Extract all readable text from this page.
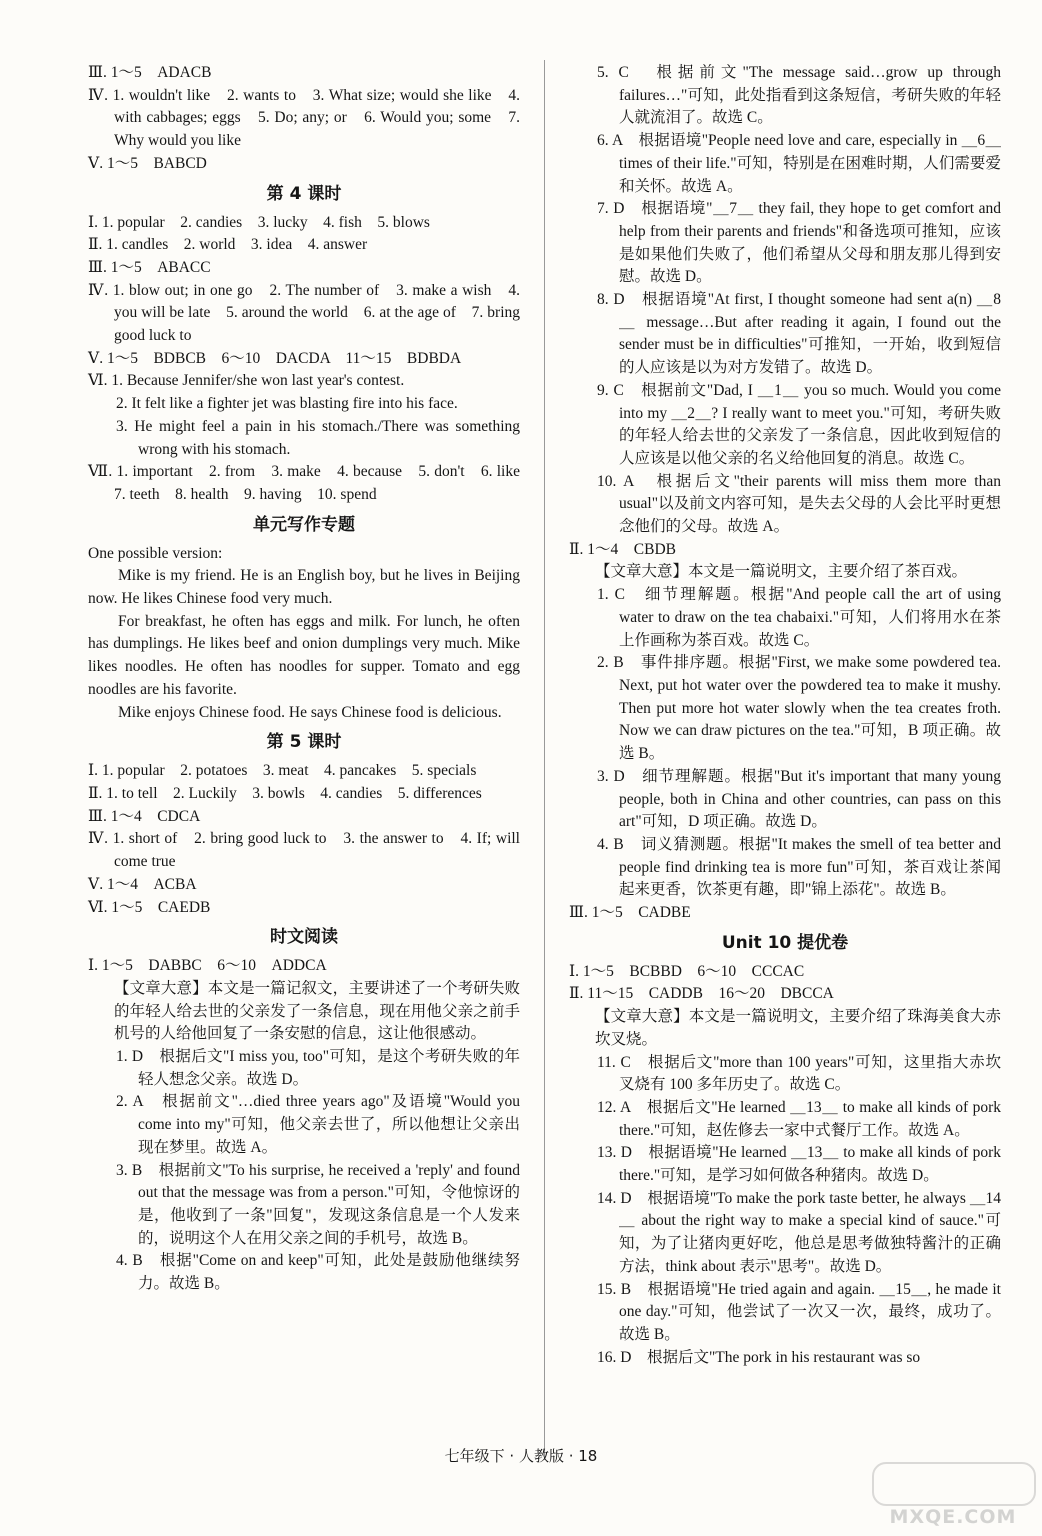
Ⅲ. 1～5　ADACB

Ⅳ. 1. wouldn't like　2. wants to　3. What size; would she like　4. with cabbages; eggs　5. Do; any; or　6. Would you; some　7. Why would you like

Ⅴ. 1～5　BABCD

第 4 课时

Ⅰ. 1. popular　2. candies　3. lucky　4. fish　5. blows

Ⅱ. 1. candles　2. world　3. idea　4. answer

Ⅲ. 1～5　ABACC

Ⅳ. 1. blow out; in one go　2. The number of　3. make a wish　4. you will be late　5. around the world　6. at the age of　7. bring good luck to

Ⅴ. 1～5　BDBCB　6～10　DACDA　11～15　BDBDA

Ⅵ. 1. Because Jennifer/she won last year's contest.

2. It felt like a fighter jet was blasting fire into his face.

3. He might feel a pain in his stomach./There was something wrong with his stomach.

Ⅶ. 1. important　2. from　3. make　4. because　5. don't　6. like　7. teeth　8. health　9. having　10. spend

单元写作专题

One possible version:

Mike is my friend. He is an English boy, but he lives in Beijing now. He likes Chinese food very much.

For breakfast, he often has eggs and milk. For lunch, he often has dumplings. He likes beef and onion dumplings very much. Mike likes noodles. He often has noodles for supper. Tomato and egg noodles are his favorite.

Mike enjoys Chinese food. He says Chinese food is delicious.

第 5 课时

Ⅰ. 1. popular　2. potatoes　3. meat　4. pancakes　5. specials

Ⅱ. 1. to tell　2. Luckily　3. bowls　4. candies　5. differences

Ⅲ. 1～4　CDCA

Ⅳ. 1. short of　2. bring good luck to　3. the answer to　4. If; will come true

Ⅴ. 1～4　ACBA

Ⅵ. 1～5　CAEDB

时文阅读

Ⅰ. 1～5　DABBC　6～10　ADDCA

【文章大意】本文是一篇记叙文，主要讲述了一个考研失败的年轻人给去世的父亲发了一条信息，现在用他父亲之前手机号的人给他回复了一条安慰的信息，这让他很感动。

1. D　根据后文"I miss you, too"可知，是这个考研失败的年轻人想念父亲。故选 D。

2. A　根据前文"…died three years ago"及语境"Would you come into my"可知，他父亲去世了，所以他想让父亲出现在梦里。故选 A。

3. B　根据前文"To his surprise, he received a 'reply' and found out that the message was from a person."可知，令他惊讶的是，他收到了一条"回复"，发现这条信息是一个人发来的，说明这个人在用父亲之间的手机号，故选 B。

4. B　根据"Come on and keep"可知，此处是鼓励他继续努力。故选 B。

5. C　根据前文"The message said…grow up through failures…"可知，此处指看到这条短信，考研失败的年轻人就流泪了。故选 C。

6. A　根据语境"People need love and care, especially in ＿6＿ times of their life."可知，特别是在困难时期，人们需要爱和关怀。故选 A。

7. D　根据语境"＿7＿ they fail, they hope to get comfort and help from their parents and friends"和备选项可推知，应该是如果他们失败了，他们希望从父母和朋友那儿得到安慰。故选 D。

8. D　根据语境"At first, I thought someone had sent a(n) ＿8＿ message…But after reading it again, I found out the sender must be in difficulties"可推知，一开始，收到短信的人应该是以为对方发错了。故选 D。

9. C　根据前文"Dad, I ＿1＿ you so much. Would you come into my ＿2＿? I really want to meet you."可知，考研失败的年轻人给去世的父亲发了一条信息，因此收到短信的人应该是以他父亲的名义给他回复的消息。故选 C。

10. A　根据后文"their parents will miss them more than usual"以及前文内容可知，是失去父母的人会比平时更想念他们的父母。故选 A。

Ⅱ. 1～4　CBDB

【文章大意】本文是一篇说明文，主要介绍了茶百戏。

1. C　细节理解题。根据"And people call the art of using water to draw on the tea chabaixi."可知，人们将用水在茶上作画称为茶百戏。故选 C。

2. B　事件排序题。根据"First, we make some powdered tea. Next, put hot water over the powdered tea to make it mushy. Then put more hot water slowly when the tea creates froth. Now we can draw pictures on the tea."可知，B 项正确。故选 B。

3. D　细节理解题。根据"But it's important that many young people, both in China and other countries, can pass on this art"可知，D 项正确。故选 D。

4. B　词义猜测题。根据"It makes the smell of tea better and people find drinking tea is more fun"可知，茶百戏让茶闻起来更香，饮茶更有趣，即"锦上添花"。故选 B。

Ⅲ. 1～5　CADBE

Unit 10 提优卷

Ⅰ. 1～5　BCBBD　6～10　CCCAC

Ⅱ. 11～15　CADDB　16～20　DBCCA

【文章大意】本文是一篇说明文，主要介绍了珠海美食大赤坎叉烧。

11. C　根据后文"more than 100 years"可知，这里指大赤坎叉烧有 100 多年历史了。故选 C。

12. A　根据后文"He learned ＿13＿ to make all kinds of pork there."可知，赵佐修去一家中式餐厅工作。故选 A。

13. D　根据语境"He learned ＿13＿ to make all kinds of pork there."可知，是学习如何做各种猪肉。故选 D。

14. D　根据语境"To make the pork taste better, he always ＿14＿ about the right way to make a special kind of sauce."可知，为了让猪肉更好吃，他总是思考做独特酱汁的正确方法，think about 表示"思考"。故选 D。

15. B　根据语境"He tried again and again. ＿15＿, he made it one day."可知，他尝试了一次又一次，最终，成功了。故选 B。

16. D　根据后文"The pork in his restaurant was so

七年级下 · 人教版 · 18
MXQE.COM
